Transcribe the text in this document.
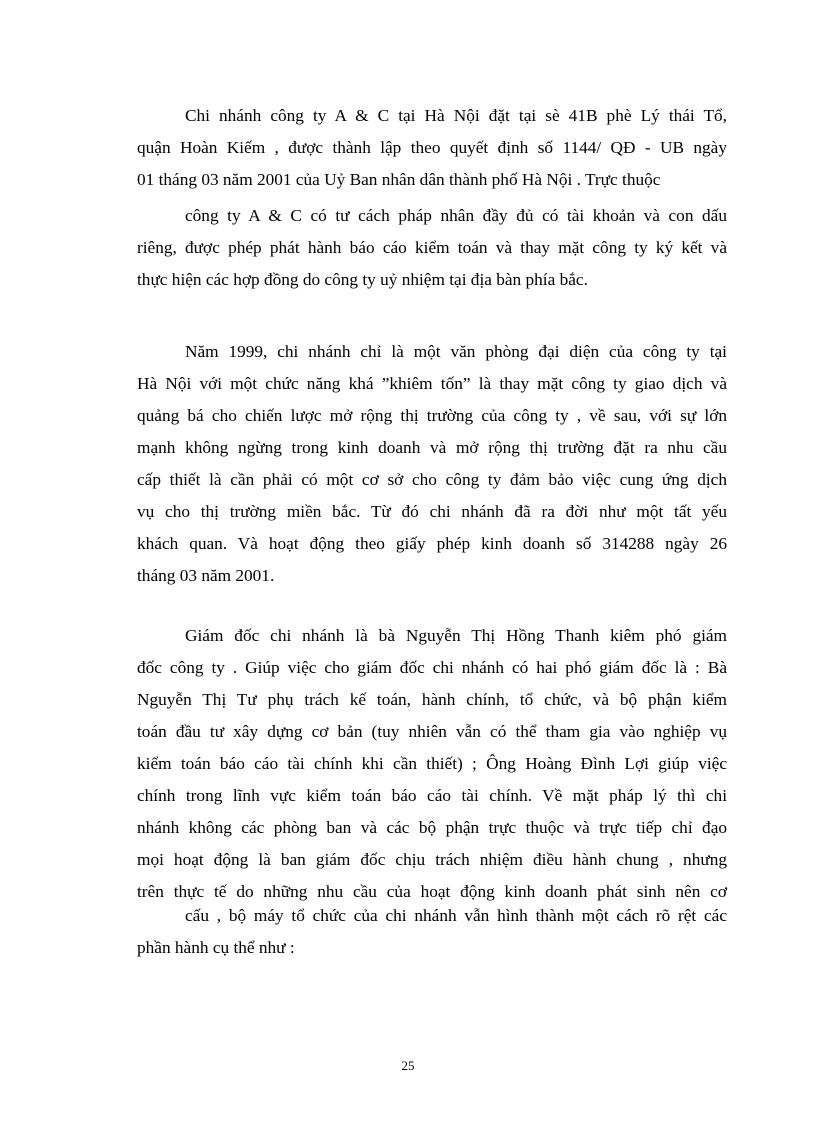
Chi nhánh công ty A & C tại Hà Nội đặt tại sè 41B phè Lý thái Tổ,
quận Hoàn Kiếm , được thành lập theo quyết định số 1144/ QĐ - UB ngày
01 tháng 03 năm 2001 của Uỷ Ban nhân dân thành phố Hà Nội . Trực thuộc
công ty A & C có tư cách pháp nhân đầy đủ có tài khoản và con dấu
riêng, được phép phát hành báo cáo kiểm toán và thay mặt công ty ký kết và
thực hiện các hợp đồng do công ty uỷ nhiệm tại địa bàn phía bắc.
Năm 1999, chi nhánh chỉ là một văn phòng đại diện của công ty tại
Hà Nội với một chức năng khá ”khiêm tốn” là thay mặt công ty giao dịch và
quảng bá cho chiến lược mở rộng thị trường của công ty , về sau, với sự lớn
mạnh không ngừng trong kinh doanh và mở rộng thị trường đặt ra nhu cầu
cấp thiết là cần phải có một cơ sở cho công ty đảm bảo việc cung ứng dịch
vụ cho thị trường miền bắc. Từ đó chi nhánh đã ra đời như một tất yếu
khách quan. Và hoạt động theo giấy phép kinh doanh số 314288 ngày 26
tháng 03 năm 2001.
Giám đốc chi nhánh là bà Nguyễn Thị Hồng Thanh kiêm phó giám
đốc công ty . Giúp việc cho giám đốc chi nhánh có hai phó giám đốc là : Bà
Nguyễn Thị Tư phụ trách kế toán, hành chính, tổ chức, và bộ phận kiểm
toán đầu tư xây dựng cơ bản (tuy nhiên vẫn có thể tham gia vào nghiệp vụ
kiểm toán báo cáo tài chính khi cần thiết) ; Ông Hoàng Đình Lợi giúp việc
chính trong lĩnh vực kiểm toán báo cáo tài chính. Về mặt pháp lý thì chi
nhánh không các phòng ban và các bộ phận trực thuộc và trực tiếp chỉ đạo
mọi hoạt động là ban giám đốc chịu trách nhiệm điều hành chung , nhưng
trên thực tế do những nhu cầu của hoạt động kinh doanh phát sinh nên cơ
cấu , bộ máy tổ chức của chi nhánh vẫn hình thành một cách rõ rệt các
phần hành cụ thể như :
25
